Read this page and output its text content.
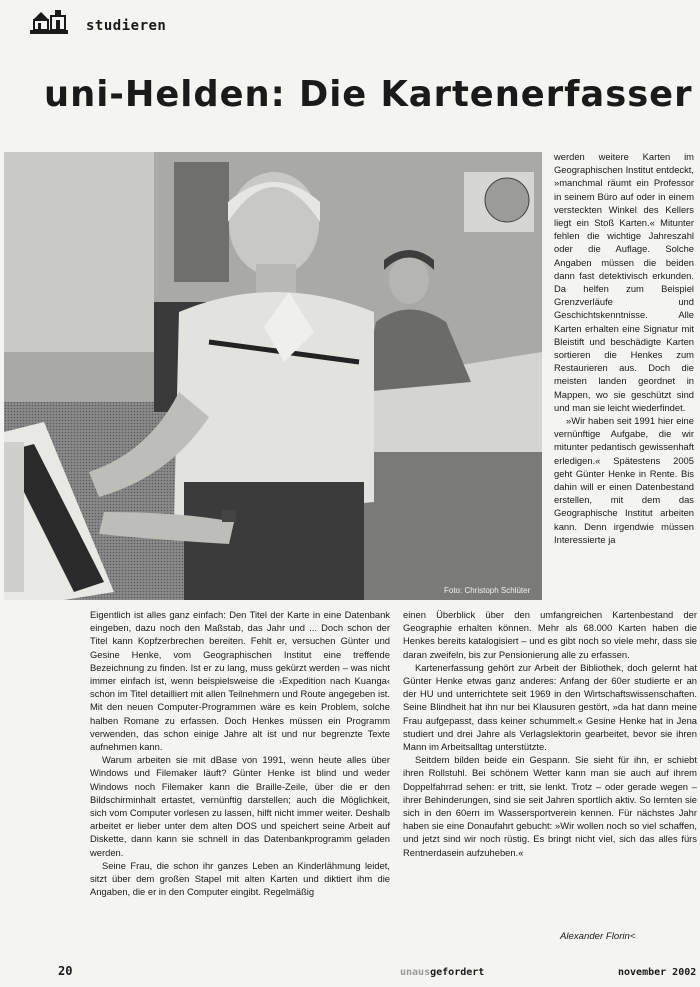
studieren
uni-Helden: Die Kartenerfasser
Foto: Christoph Schlüter

werden weitere Karten im Geographischen Institut entdeckt, »manchmal räumt ein Professor in seinem Büro auf oder in einem versteckten Winkel des Kellers liegt ein Stoß Karten.« Mitunter fehlen die wichtige Jahreszahl oder die Auflage. Solche Angaben müssen die beiden dann fast detektivisch erkunden. Da helfen zum Beispiel Grenzverläufe und Geschichtskenntnisse. Alle Karten erhalten eine Signatur mit Bleistift und beschädigte Karten sortieren die Henkes zum Restaurieren aus. Doch die meisten landen geordnet in Mappen, wo sie geschützt sind und man sie leicht wiederfindet.

»Wir haben seit 1991 hier eine vernünftige Aufgabe, die wir mitunter pedantisch gewissenhaft erledigen.« Spätestens 2005 geht Günter Henke in Rente. Bis dahin will er einen Datenbestand erstellen, mit dem das Geographische Institut arbeiten kann. Denn irgendwie müssen Interessierte ja

Eigentlich ist alles ganz einfach: Den Titel der Karte in eine Datenbank eingeben, dazu noch den Maßstab, das Jahr und ... Doch schon der Titel kann Kopfzerbrechen bereiten. Fehlt er, versuchen Günter und Gesine Henke, vom Geographischen Institut eine treffende Bezeichnung zu finden. Ist er zu lang, muss gekürzt werden – was nicht immer einfach ist, wenn beispielsweise die ›Expedition nach Kuanga‹ schon im Titel detailliert mit allen Teilnehmern und Route angegeben ist. Mit den neuen Computer-Programmen wäre es kein Problem, solche halben Romane zu erfassen. Doch Henkes müssen ein Programm verwenden, das schon einige Jahre alt ist und nur begrenzte Texte aufnehmen kann.

Warum arbeiten sie mit dBase von 1991, wenn heute alles über Windows und Filemaker läuft? Günter Henke ist blind und weder Windows noch Filemaker kann die Braille-Zeile, über die er den Bildschirminhalt ertastet, vernünftig darstellen; auch die Möglichkeit, sich vom Computer vorlesen zu lassen, hilft nicht immer weiter. Deshalb arbeitet er lieber unter dem alten DOS und speichert seine Arbeit auf Diskette, dann kann sie schnell in das Datenbankprogramm geladen werden.

Seine Frau, die schon ihr ganzes Leben an Kinderlähmung leidet, sitzt über dem großen Stapel mit alten Karten und diktiert ihm die Angaben, die er in den Computer eingibt. Regelmäßig

einen Überblick über den umfangreichen Kartenbestand der Geographie erhalten können. Mehr als 68.000 Karten haben die Henkes bereits katalogisiert – und es gibt noch so viele mehr, dass sie daran zweifeln, bis zur Pensionierung alle zu erfassen.

Kartenerfassung gehört zur Arbeit der Bibliothek, doch gelernt hat Günter Henke etwas ganz anderes: Anfang der 60er studierte er an der HU und unterrichtete seit 1969 in den Wirtschaftswissenschaften. Seine Blindheit hat ihn nur bei Klausuren gestört, »da hat dann meine Frau aufgepasst, dass keiner schummelt.« Gesine Henke hat in Jena studiert und drei Jahre als Verlagslektorin gearbeitet, bevor sie ihren Mann im Arbeitsalltag unterstützte.

Seitdem bilden beide ein Gespann. Sie sieht für ihn, er schiebt ihren Rollstuhl. Bei schönem Wetter kann man sie auch auf ihrem Doppelfahrrad sehen: er tritt, sie lenkt. Trotz – oder gerade wegen – ihrer Behinderungen, sind sie seit Jahren sportlich aktiv. So lernten sie sich in den 60ern im Wassersportverein kennen. Für nächstes Jahr haben sie eine Donaufahrt gebucht: »Wir wollen noch so viel schaffen, und jetzt sind wir noch rüstig. Es bringt nicht viel, sich das alles fürs Rentnerdasein aufzuheben.«

Alexander Florin<
20	unausgefordert	november 2002
